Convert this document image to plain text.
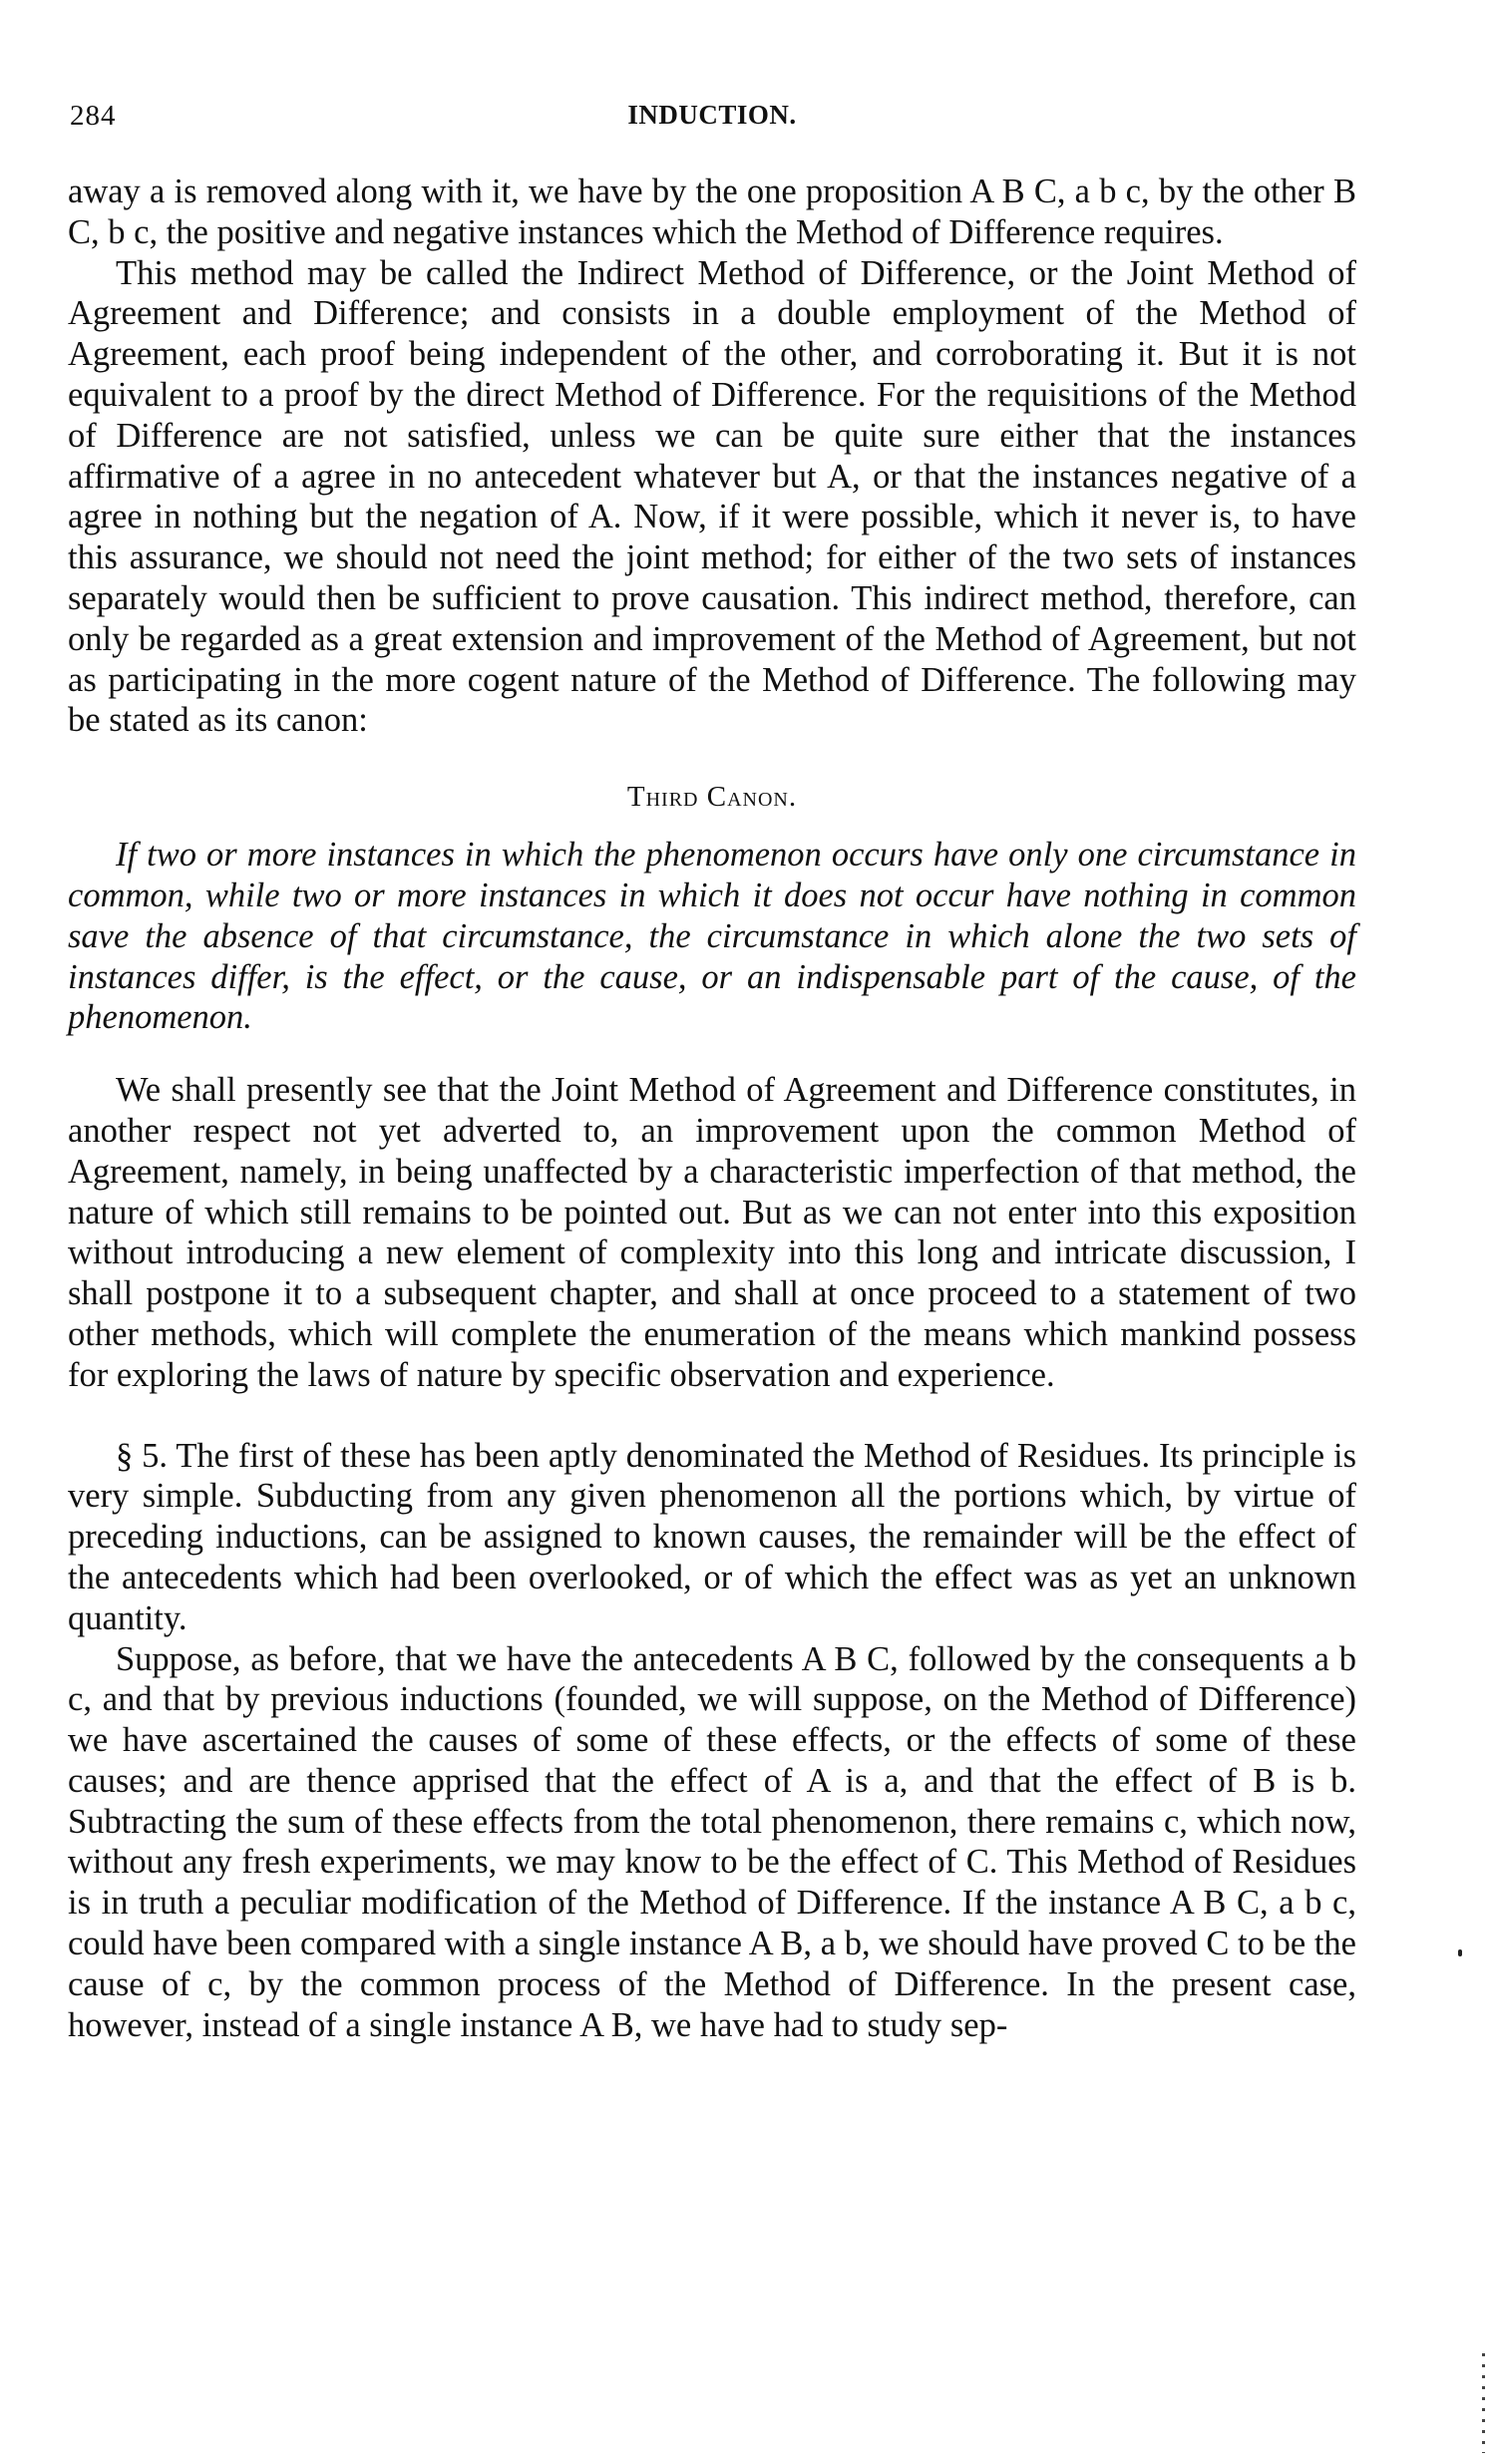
284	INDUCTION.

away a is removed along with it, we have by the one proposition A B C, a b c, by the other B C, b c, the positive and negative instances which the Method of Difference requires.

This method may be called the Indirect Method of Difference, or the Joint Method of Agreement and Difference; and consists in a double employment of the Method of Agreement, each proof being independent of the other, and corroborating it. But it is not equivalent to a proof by the direct Method of Difference. For the requisitions of the Method of Difference are not satisfied, unless we can be quite sure either that the instances affirmative of a agree in no antecedent whatever but A, or that the instances negative of a agree in nothing but the negation of A. Now, if it were possible, which it never is, to have this assurance, we should not need the joint method; for either of the two sets of instances separately would then be sufficient to prove causation. This indirect method, therefore, can only be regarded as a great extension and improvement of the Method of Agreement, but not as participating in the more cogent nature of the Method of Difference. The following may be stated as its canon:

Third Canon.

If two or more instances in which the phenomenon occurs have only one circumstance in common, while two or more instances in which it does not occur have nothing in common save the absence of that circumstance, the circumstance in which alone the two sets of instances differ, is the effect, or the cause, or an indispensable part of the cause, of the phenomenon.

We shall presently see that the Joint Method of Agreement and Difference constitutes, in another respect not yet adverted to, an improvement upon the common Method of Agreement, namely, in being unaffected by a characteristic imperfection of that method, the nature of which still remains to be pointed out. But as we can not enter into this exposition without introducing a new element of complexity into this long and intricate discussion, I shall postpone it to a subsequent chapter, and shall at once proceed to a statement of two other methods, which will complete the enumeration of the means which mankind possess for exploring the laws of nature by specific observation and experience.

§ 5. The first of these has been aptly denominated the Method of Residues. Its principle is very simple. Subducting from any given phenomenon all the portions which, by virtue of preceding inductions, can be assigned to known causes, the remainder will be the effect of the antecedents which had been overlooked, or of which the effect was as yet an unknown quantity.

Suppose, as before, that we have the antecedents A B C, followed by the consequents a b c, and that by previous inductions (founded, we will suppose, on the Method of Difference) we have ascertained the causes of some of these effects, or the effects of some of these causes; and are thence apprised that the effect of A is a, and that the effect of B is b. Subtracting the sum of these effects from the total phenomenon, there remains c, which now, without any fresh experiments, we may know to be the effect of C. This Method of Residues is in truth a peculiar modification of the Method of Difference. If the instance A B C, a b c, could have been compared with a single instance A B, a b, we should have proved C to be the cause of c, by the common process of the Method of Difference. In the present case, however, instead of a single instance A B, we have had to study sep-
